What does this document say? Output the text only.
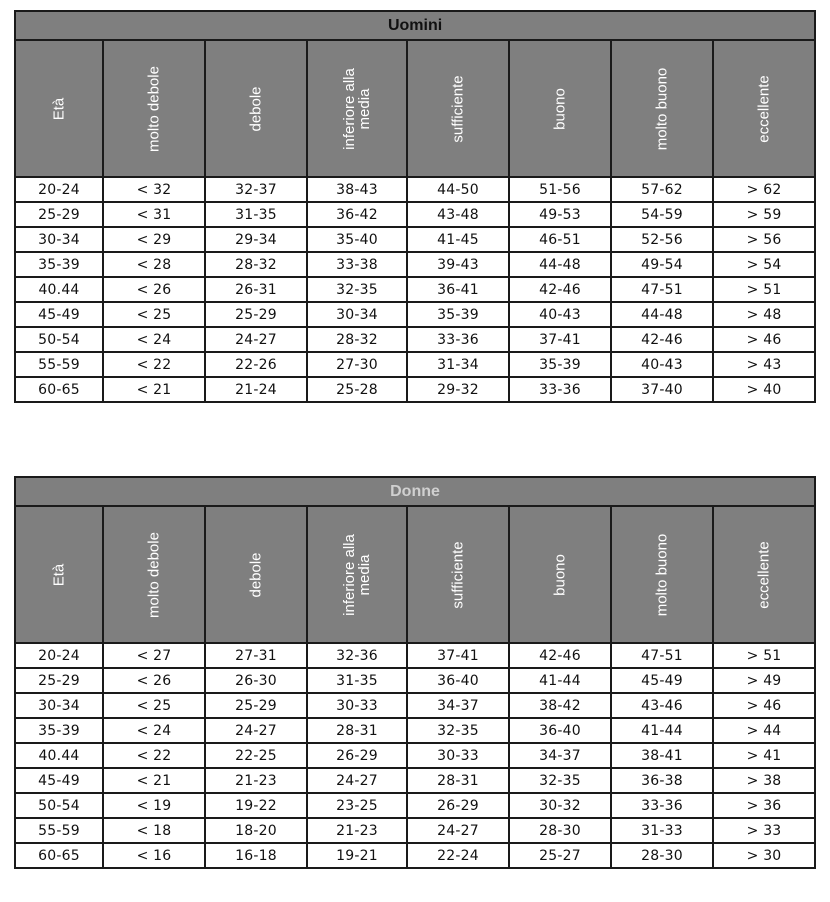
Uomini							

Età	molto debole	debole	inferiore alla media	sufficiente	buono	molto buono	eccellente

20-24	< 32	32-37	38-43	44-50	51-56	57-62	> 62
25-29	< 31	31-35	36-42	43-48	49-53	54-59	> 59
30-34	< 29	29-34	35-40	41-45	46-51	52-56	> 56
35-39	< 28	28-32	33-38	39-43	44-48	49-54	> 54
40.44	< 26	26-31	32-35	36-41	42-46	47-51	> 51
45-49	< 25	25-29	30-34	35-39	40-43	44-48	> 48
50-54	< 24	24-27	28-32	33-36	37-41	42-46	> 46
55-59	< 22	22-26	27-30	31-34	35-39	40-43	> 43
60-65	< 21	21-24	25-28	29-32	33-36	37-40	> 40
Donne							

Età	molto debole	debole	inferiore alla media	sufficiente	buono	molto buono	eccellente

20-24	< 27	27-31	32-36	37-41	42-46	47-51	> 51
25-29	< 26	26-30	31-35	36-40	41-44	45-49	> 49
30-34	< 25	25-29	30-33	34-37	38-42	43-46	> 46
35-39	< 24	24-27	28-31	32-35	36-40	41-44	> 44
40.44	< 22	22-25	26-29	30-33	34-37	38-41	> 41
45-49	< 21	21-23	24-27	28-31	32-35	36-38	> 38
50-54	< 19	19-22	23-25	26-29	30-32	33-36	> 36
55-59	< 18	18-20	21-23	24-27	28-30	31-33	> 33
60-65	< 16	16-18	19-21	22-24	25-27	28-30	> 30
